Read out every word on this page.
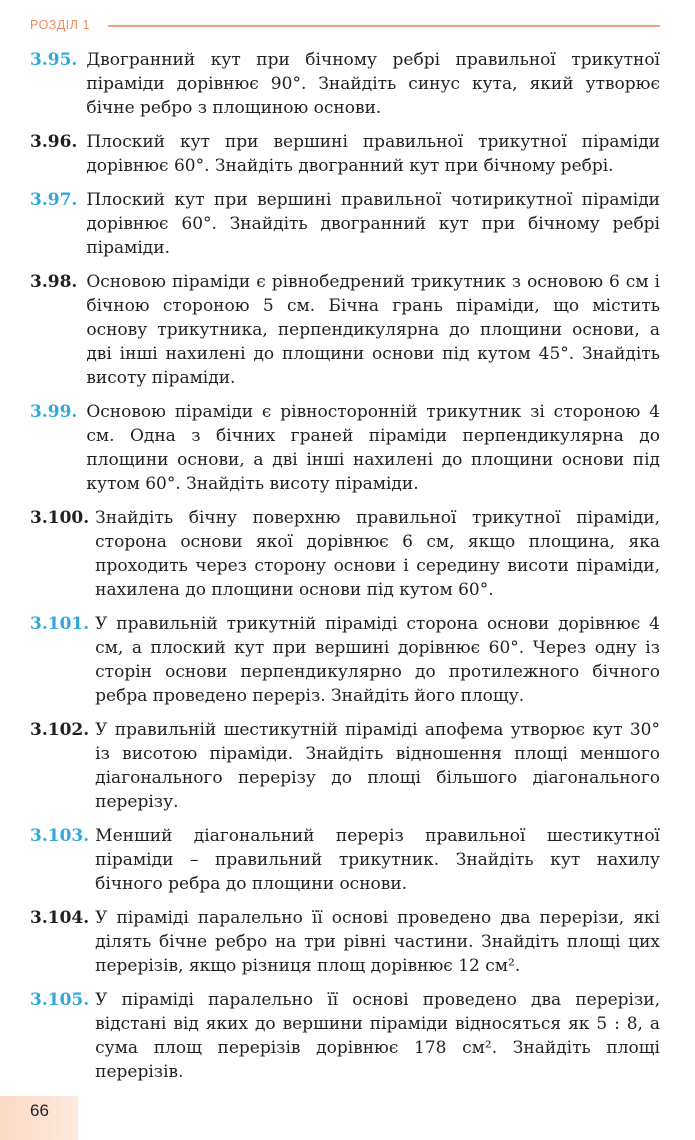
РОЗДІЛ 1
3.95. Двогранний кут при бічному ребрі правильної трикутної піраміди дорівнює 90°. Знайдіть синус кута, який утворює бічне ребро з площиною основи.
3.96. Плоский кут при вершині правильної трикутної піраміди дорівнює 60°. Знайдіть двогранний кут при бічному ребрі.
3.97. Плоский кут при вершині правильної чотирикутної піраміди дорівнює 60°. Знайдіть двогранний кут при бічному ребрі піраміди.
3.98. Основою піраміди є рівнобедрений трикутник з основою 6 см і бічною стороною 5 см. Бічна грань піраміди, що містить основу трикутника, перпендикулярна до площини основи, а дві інші нахилені до площини основи під кутом 45°. Знайдіть висоту піраміди.
3.99. Основою піраміди є рівносторонній трикутник зі стороною 4 см. Одна з бічних граней піраміди перпендикулярна до площини основи, а дві інші нахилені до площини основи під кутом 60°. Знайдіть висоту піраміди.
3.100. Знайдіть бічну поверхню правильної трикутної піраміди, сторона основи якої дорівнює 6 см, якщо площина, яка проходить через сторону основи і середину висоти піраміди, нахилена до площини основи під кутом 60°.
3.101. У правильній трикутній піраміді сторона основи дорівнює 4 см, а плоский кут при вершині дорівнює 60°. Через одну із сторін основи перпендикулярно до протилежного бічного ребра проведено переріз. Знайдіть його площу.
3.102. У правильній шестикутній піраміді апофема утворює кут 30° із висотою піраміди. Знайдіть відношення площі меншого діагонального перерізу до площі більшого діагонального перерізу.
3.103. Менший діагональний переріз правильної шестикутної піраміди – правильний трикутник. Знайдіть кут нахилу бічного ребра до площини основи.
3.104. У піраміді паралельно її основі проведено два перерізи, які ділять бічне ребро на три рівні частини. Знайдіть площі цих перерізів, якщо різниця площ дорівнює 12 см².
3.105. У піраміді паралельно її основі проведено два перерізи, відстані від яких до вершини піраміди відносяться як 5 : 8, а сума площ перерізів дорівнює 178 см². Знайдіть площі перерізів.
66
